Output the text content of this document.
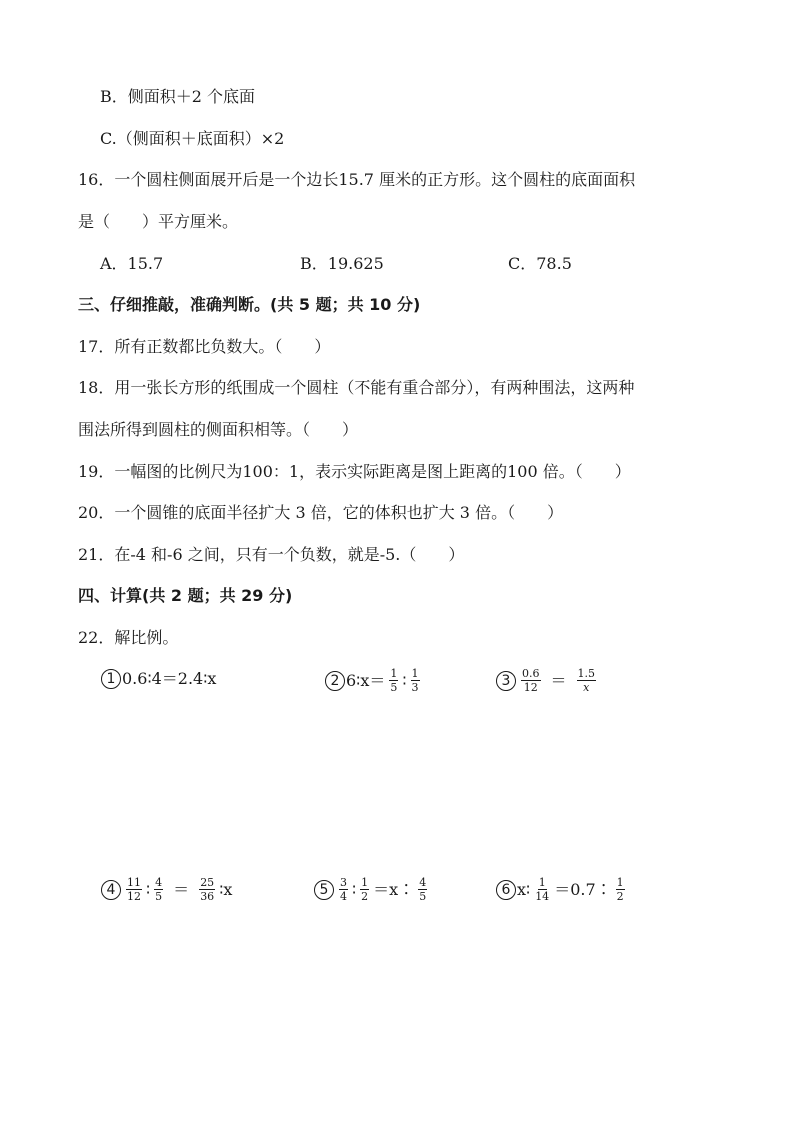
B．侧面积＋2 个底面
C.（侧面积＋底面积）×2
16．一个圆柱侧面展开后是一个边长15.7 厘米的正方形。这个圆柱的底面面积
是（　　）平方厘米。
A．15.7	B．19.625	C．78.5
三、仔细推敲，准确判断。(共 5 题；共 10 分)
17．所有正数都比负数大。（　　）
18．用一张长方形的纸围成一个圆柱（不能有重合部分），有两种围法，这两种
围法所得到圆柱的侧面积相等。（　　）
19．一幅图的比例尺为100：1，表示实际距离是图上距离的100 倍。（　　）
20．一个圆锥的底面半径扩大 3 倍，它的体积也扩大 3 倍。（　　）
21．在-4 和-6 之间，只有一个负数，就是-5.（　　）
四、计算(共 2 题；共 29 分)
22．解比例。
1 0.6∶4＝2.4∶x	2 6∶x＝ $\frac{1}{5}$ ∶ $\frac{1}{3}$	$3 \frac{0.6}{12} = \frac{1.5}{x}$
$4 \frac{11}{12}$ ∶ $\frac{4}{5} = \frac{25}{36}$ ∶x	$5 \frac{3}{4}$ ∶ $\frac{1}{2}$ ＝x∶ $\frac{4}{5}$	6 x∶ $\frac{1}{14}$ ＝0.7∶ $\frac{1}{2}$
